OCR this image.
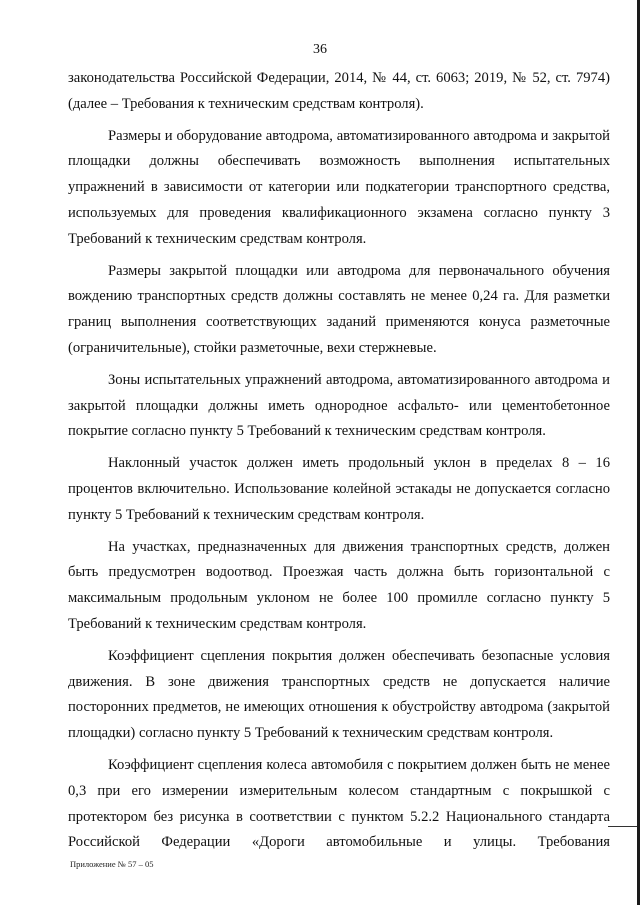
36

законодательства Российской Федерации, 2014, № 44, ст. 6063; 2019, № 52, ст. 7974) (далее – Требования к техническим средствам контроля).

Размеры и оборудование автодрома, автоматизированного автодрома и закрытой площадки должны обеспечивать возможность выполнения испытательных упражнений в зависимости от категории или подкатегории транспортного средства, используемых для проведения квалификационного экзамена согласно пункту 3 Требований к техническим средствам контроля.

Размеры закрытой площадки или автодрома для первоначального обучения вождению транспортных средств должны составлять не менее 0,24 га. Для разметки границ выполнения соответствующих заданий применяются конуса разметочные (ограничительные), стойки разметочные, вехи стержневые.

Зоны испытательных упражнений автодрома, автоматизированного автодрома и закрытой площадки должны иметь однородное асфальто- или цементобетонное покрытие согласно пункту 5 Требований к техническим средствам контроля.

Наклонный участок должен иметь продольный уклон в пределах 8 – 16 процентов включительно. Использование колейной эстакады не допускается согласно пункту 5 Требований к техническим средствам контроля.

На участках, предназначенных для движения транспортных средств, должен быть предусмотрен водоотвод. Проезжая часть должна быть горизонтальной с максимальным продольным уклоном не более 100 промилле согласно пункту 5 Требований к техническим средствам контроля.

Коэффициент сцепления покрытия должен обеспечивать безопасные условия движения. В зоне движения транспортных средств не допускается наличие посторонних предметов, не имеющих отношения к обустройству автодрома (закрытой площадки) согласно пункту 5 Требований к техническим средствам контроля.

Коэффициент сцепления колеса автомобиля с покрытием должен быть не менее 0,3 при его измерении измерительным колесом стандартным с покрышкой с протектором без рисунка в соответствии с пунктом 5.2.2 Национального стандарта Российской Федерации «Дороги автомобильные и улицы. Требования

Приложение № 57 – 05
